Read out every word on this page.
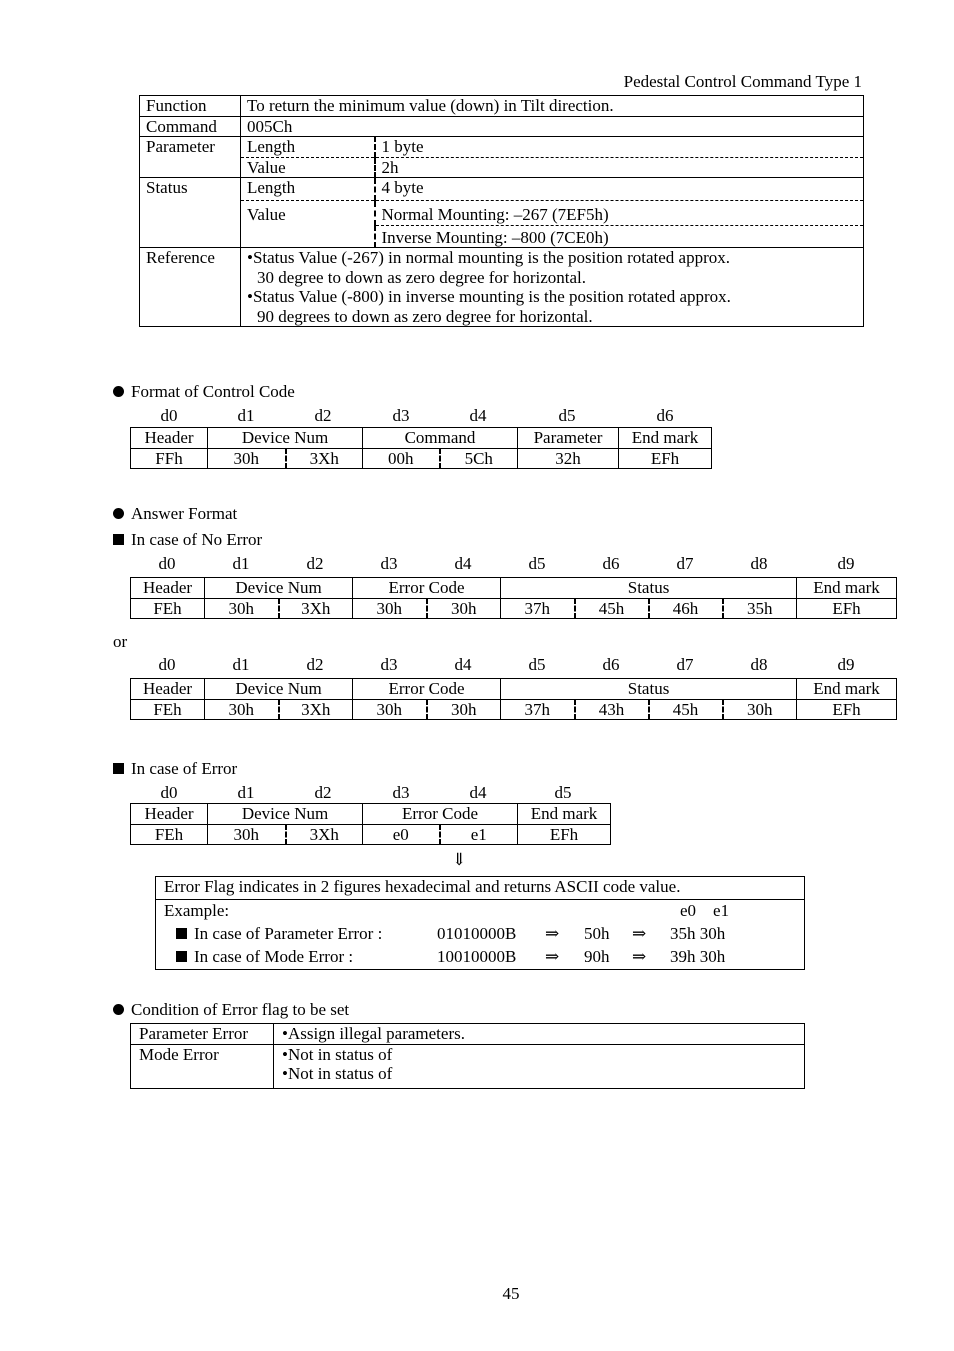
Pedestal Control Command Type 1
Function	To return the minimum value (down) in Tilt direction.	
Command	005Ch	
Parameter	Length	1 byte
	Value	2h
Status	Length	4 byte
	Value	Normal Mounting: –267 (7EF5h)
		Inverse Mounting: –800 (7CE0h)
Reference	•Status Value (-267) in normal mounting is the position rotated approx.
30 degree to down as zero degree for horizontal.
•Status Value (-800) in inverse mounting is the position rotated approx.
90 degrees to down as zero degree for horizontal.	
Format of Control Code
d0	d1	d2	d3	d4	d5	d6
Header	Device Num		Command		Parameter	End mark
FFh	30h	3Xh	00h	5Ch	32h	EFh
Answer Format
In case of No Error
d0	d1	d2	d3	d4	d5	d6	d7	d8	d9
Header	Device Num		Error Code		Status				End mark
FEh	30h	3Xh	30h	30h	37h	45h	46h	35h	EFh
or
d0	d1	d2	d3	d4	d5	d6	d7	d8	d9
Header	Device Num		Error Code		Status				End mark
FEh	30h	3Xh	30h	30h	37h	43h	45h	30h	EFh
In case of Error
d0	d1	d2	d3	d4	d5
Header	Device Num		Error Code		End mark
FEh	30h	3Xh	e0	e1	EFh
⇓
Error Flag indicates in 2 figures hexadecimal and returns ASCII code value.
Example:	e0    e1
In case of Parameter Error :	01010000B ⇒ 50h ⇒ 35h 30h
In case of Mode Error :	10010000B ⇒ 90h ⇒ 39h 30h
Condition of Error flag to be set
Parameter Error	•Assign illegal parameters.
Mode Error	•Not in status of
•Not in status of
45
